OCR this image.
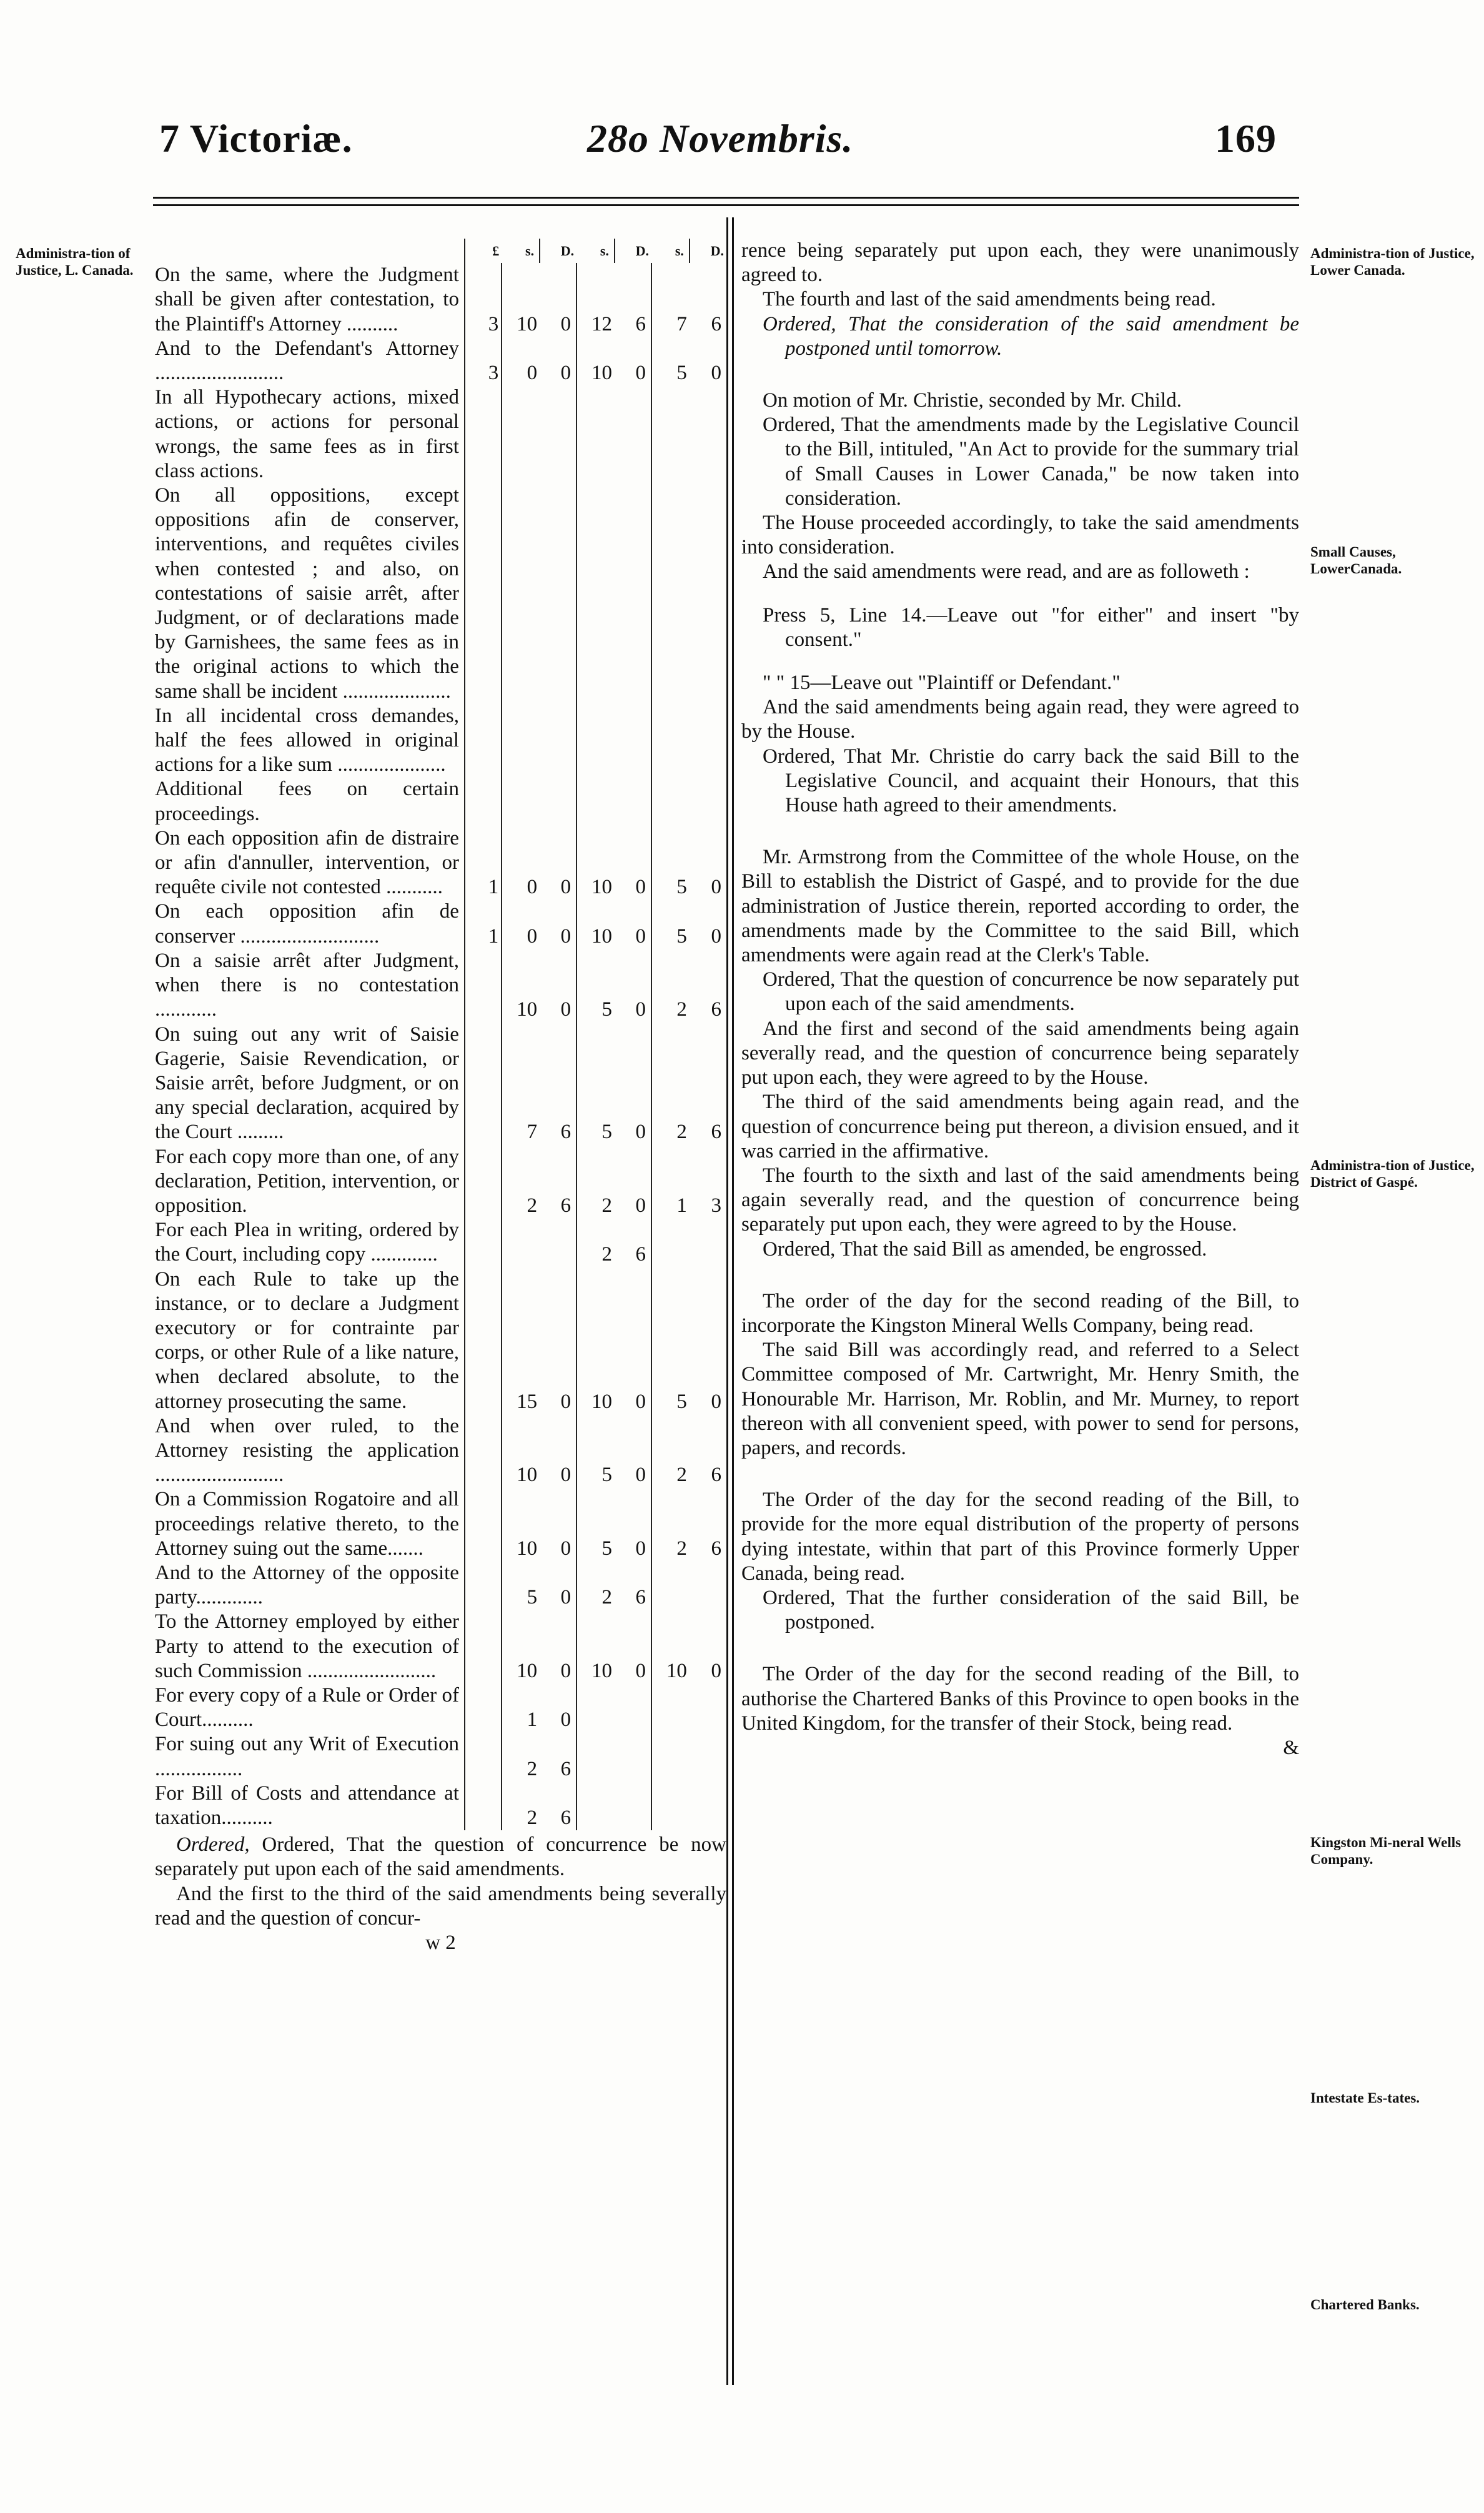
7 Victoriæ.	28o Novembris.	169
Administra-tion of Justice, L. Canada.
Administra-tion of Justice, Lower Canada.
Small Causes, LowerCanada.
Administra-tion of Justice, District of Gaspé.
Kingston Mi-neral Wells Company.
Intestate Es-tates.
Chartered Banks.
	£	s.	D.	s.	D.	s.	D.
On the same, where the Judgment shall be given after contestation, to the Plaintiff's Attorney ..........	3	10	0	12	6	7	6
And to the Defendant's Attorney .........................	3	0	0	10	0	5	0
In all Hypothecary actions, mixed actions, or actions for personal wrongs, the same fees as in first class actions.							
On all oppositions, except oppositions afin de conserver, interventions, and requêtes civiles when contested ; and also, on contestations of saisie arrêt, after Judgment, or of declarations made by Garnishees, the same fees as in the original actions to which the same shall be incident .....................							
In all incidental cross demandes, half the fees allowed in original actions for a like sum .....................							
Additional fees on certain proceedings.							
On each opposition afin de distraire or afin d'annuller, intervention, or requête civile not contested ...........	1	0	0	10	0	5	0
On each opposition afin de conserver ...........................	1	0	0	10	0	5	0
On a saisie arrêt after Judgment, when there is no contestation ............		10	0	5	0	2	6
On suing out any writ of Saisie Gagerie, Saisie Revendication, or Saisie arrêt, before Judgment, or on any special declaration, acquired by the Court .........		7	6	5	0	2	6
For each copy more than one, of any declaration, Petition, intervention, or opposition.		2	6	2	0	1	3
For each Plea in writing, ordered by the Court, including copy .............				2	6		
On each Rule to take up the instance, or to declare a Judgment executory or for contrainte par corps, or other Rule of a like nature, when declared absolute, to the attorney prosecuting the same.		15	0	10	0	5	0
And when over ruled, to the Attorney resisting the application .........................		10	0	5	0	2	6
On a Commission Rogatoire and all proceedings relative thereto, to the Attorney suing out the same.......		10	0	5	0	2	6
And to the Attorney of the opposite party.............		5	0	2	6		
To the Attorney employed by either Party to attend to the execution of such Commission .........................		10	0	10	0	10	0
For every copy of a Rule or Order of Court..........		1	0				
For suing out any Writ of Execution .................		2	6				
For Bill of Costs and attendance at taxation..........		2	6				

Ordered, Ordered, That the question of concurrence be now separately put upon each of the said amendments.

And the first to the third of the said amendments being severally read and the question of concur-

w 2

rence being separately put upon each, they were unanimously agreed to.

The fourth and last of the said amendments being read.

Ordered, That the consideration of the said amendment be postponed until tomorrow.

On motion of Mr. Christie, seconded by Mr. Child.

Ordered, That the amendments made by the Legislative Council to the Bill, intituled, "An Act to provide for the summary trial of Small Causes in Lower Canada," be now taken into consideration.

The House proceeded accordingly, to take the said amendments into consideration.

And the said amendments were read, and are as followeth :

Press 5, Line 14.—Leave out "for either" and insert "by consent."

" " 15—Leave out "Plaintiff or Defendant."

And the said amendments being again read, they were agreed to by the House.

Ordered, That Mr. Christie do carry back the said Bill to the Legislative Council, and acquaint their Honours, that this House hath agreed to their amendments.

Mr. Armstrong from the Committee of the whole House, on the Bill to establish the District of Gaspé, and to provide for the due administration of Justice therein, reported according to order, the amendments made by the Committee to the said Bill, which amendments were again read at the Clerk's Table.

Ordered, That the question of concurrence be now separately put upon each of the said amendments.

And the first and second of the said amendments being again severally read, and the question of concurrence being separately put upon each, they were agreed to by the House.

The third of the said amendments being again read, and the question of concurrence being put thereon, a division ensued, and it was carried in the affirmative.

The fourth to the sixth and last of the said amendments being again severally read, and the question of concurrence being separately put upon each, they were agreed to by the House.

Ordered, That the said Bill as amended, be engrossed.

The order of the day for the second reading of the Bill, to incorporate the Kingston Mineral Wells Company, being read.

The said Bill was accordingly read, and referred to a Select Committee composed of Mr. Cartwright, Mr. Henry Smith, the Honourable Mr. Harrison, Mr. Roblin, and Mr. Murney, to report thereon with all convenient speed, with power to send for persons, papers, and records.

The Order of the day for the second reading of the Bill, to provide for the more equal distribution of the property of persons dying intestate, within that part of this Province formerly Upper Canada, being read.

Ordered, That the further consideration of the said Bill, be postponed.

The Order of the day for the second reading of the Bill, to authorise the Chartered Banks of this Province to open books in the United Kingdom, for the transfer of their Stock, being read.

&
